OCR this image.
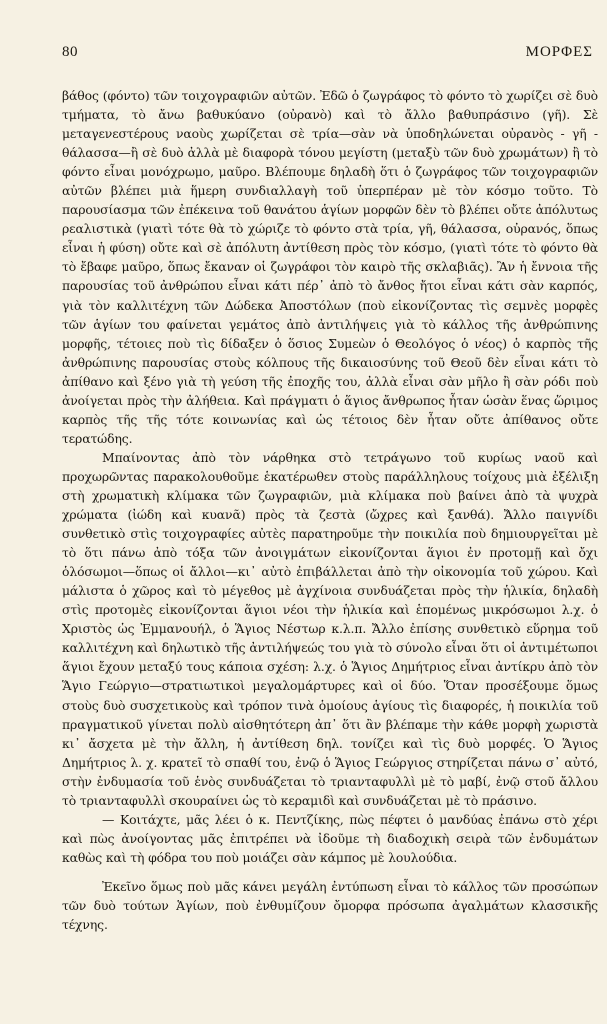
80	ΜΟΡΦΕΣ

βάθος (φόντο) τῶν τοιχογραφιῶν αὐτῶν. Ἐδῶ ὁ ζωγράφος τὸ φόντο τὸ χωρίζει σὲ δυὸ τμήματα, τὸ ἄνω βαθυκύανο (οὐρανὸ) καὶ τὸ ἄλλο βαθυπράσινο (γῆ). Σὲ μεταγενεστέρους ναοὺς χωρίζεται σὲ τρία—σὰν νὰ ὑποδηλώνεται οὐρανὸς - γῆ - θάλασσα—ἢ σὲ δυὸ ἀλλὰ μὲ διαφορὰ τόνου μεγίστη (μεταξὺ τῶν δυὸ χρωμάτων) ἢ τὸ φόντο εἶναι μονόχρωμο, μαῦρο. Βλέπουμε δηλαδὴ ὅτι ὁ ζωγράφος τῶν τοιχογραφιῶν αὐτῶν βλέπει μιὰ ἥμερη συνδιαλλαγὴ τοῦ ὑπερπέραν μὲ τὸν κόσμο τοῦτο. Τὸ παρουσίασμα τῶν ἐπέκεινα τοῦ θανάτου ἁγίων μορφῶν δὲν τὸ βλέπει οὔτε ἀπόλυτως ρεαλιστικὰ (γιατὶ τότε θὰ τὸ χώριζε τὸ φόντο στὰ τρία, γῆ, θάλασσα, οὐρανός, ὅπως εἶναι ἡ φύση) οὔτε καὶ σὲ ἀπόλυτη ἀντίθεση πρὸς τὸν κόσμο, (γιατὶ τότε τὸ φόντο θὰ τὸ ἔβαφε μαῦρο, ὅπως ἔκαναν οἱ ζωγράφοι τὸν καιρὸ τῆς σκλαβιᾶς). Ἂν ἡ ἔννοια τῆς παρουσίας τοῦ ἀνθρώπου εἶναι κάτι πέρ᾿ ἀπὸ τὸ ἄνθος ἤτοι εἶναι κάτι σὰν καρπός, γιὰ τὸν καλλιτέχνη τῶν Δώδεκα Ἀποστόλων (ποὺ εἰκονίζοντας τὶς σεμνὲς μορφὲς τῶν ἁγίων του φαίνεται γεμάτος ἀπὸ ἀντιλήψεις γιὰ τὸ κάλλος τῆς ἀνθρώπινης μορφῆς, τέτοιες ποὺ τὶς δίδαξεν ὁ ὅσιος Συμεὼν ὁ Θεολόγος ὁ νέος) ὁ καρπὸς τῆς ἀνθρώπινης παρουσίας στοὺς κόλπους τῆς δικαιοσύνης τοῦ Θεοῦ δὲν εἶναι κάτι τὸ ἀπίθανο καὶ ξένο γιὰ τὴ γεύση τῆς ἐποχῆς του, ἀλλὰ εἶναι σὰν μῆλο ἢ σὰν ρόδι ποὺ ἀνοίγεται πρὸς τὴν ἀλήθεια. Καὶ πράγματι ὁ ἅγιος ἄνθρωπος ἦταν ὡσὰν ἕνας ὥριμος καρπὸς τῆς τῆς τότε κοινωνίας καὶ ὡς τέτοιος δὲν ἦταν οὔτε ἀπίθανος οὔτε τερατώδης.

Μπαίνοντας ἀπὸ τὸν νάρθηκα στὸ τετράγωνο τοῦ κυρίως ναοῦ καὶ προχωρῶντας παρακολουθοῦμε ἑκατέρωθεν στοὺς παράλληλους τοίχους μιὰ ἐξέλιξη στὴ χρωματικὴ κλίμακα τῶν ζωγραφιῶν, μιὰ κλίμακα ποὺ βαίνει ἀπὸ τὰ ψυχρὰ χρώματα (ἰώδη καὶ κυανᾶ) πρὸς τὰ ζεστὰ (ὤχρες καὶ ξανθά). Ἄλλο παιγνίδι συνθετικὸ στὶς τοιχογραφίες αὐτὲς παρατηροῦμε τὴν ποικιλία ποὺ δημιουργεῖται μὲ τὸ ὅτι πάνω ἀπὸ τόξα τῶν ἀνοιγμάτων εἰκονίζονται ἅγιοι ἐν προτομῇ καὶ ὄχι ὁλόσωμοι—ὅπως οἱ ἄλλοι—κι᾿ αὐτὸ ἐπιβάλλεται ἀπὸ τὴν οἰκονομία τοῦ χώρου. Καὶ μάλιστα ὁ χῶρος καὶ τὸ μέγεθος μὲ ἀγχίνοια συνδυάζεται πρὸς τὴν ἡλικία, δηλαδὴ στὶς προτομὲς εἰκονίζονται ἅγιοι νέοι τὴν ἡλικία καὶ ἑπομένως μικρόσωμοι λ.χ. ὁ Χριστὸς ὡς Ἐμμανουήλ, ὁ Ἅγιος Νέστωρ κ.λ.π. Ἄλλο ἐπίσης συνθετικὸ εὕρημα τοῦ καλλιτέχνη καὶ δηλωτικὸ τῆς ἀντιλήψεώς του γιὰ τὸ σύνολο εἶναι ὅτι οἱ ἀντιμέτωποι ἅγιοι ἔχουν μεταξύ τους κάποια σχέση: λ.χ. ὁ Ἅγιος Δημήτριος εἶναι ἀντίκρυ ἀπὸ τὸν Ἅγιο Γεώργιο—στρατιωτικοὶ μεγαλομάρτυρες καὶ οἱ δύο. Ὅταν προσέξουμε ὅμως στοὺς δυὸ συσχετικοὺς καὶ τρόπον τινὰ ὁμοίους ἁγίους τὶς διαφορές, ἡ ποικιλία τοῦ πραγματικοῦ γίνεται πολὺ αἰσθητότερη ἀπ᾿ ὅτι ἂν βλέπαμε τὴν κάθε μορφὴ χωριστὰ κι᾿ ἄσχετα μὲ τὴν ἄλλη, ἡ ἀντίθεση δηλ. τονίζει καὶ τὶς δυὸ μορφές. Ὁ Ἅγιος Δημήτριος λ. χ. κρατεῖ τὸ σπαθί του, ἐνῷ ὁ Ἅγιος Γεώργιος στηρίζεται πάνω σ᾿ αὐτό, στὴν ἐνδυμασία τοῦ ἑνὸς συνδυάζεται τὸ τριανταφυλλὶ μὲ τὸ μαβί, ἐνῷ στοῦ ἄλλου τὸ τριανταφυλλὶ σκουραίνει ὡς τὸ κεραμιδὶ καὶ συνδυάζεται μὲ τὸ πράσινο.

— Κοιτάχτε, μᾶς λέει ὁ κ. Πεντζίκης, πὼς πέφτει ὁ μανδύας ἐπάνω στὸ χέρι καὶ πὼς ἀνοίγοντας μᾶς ἐπιτρέπει νὰ ἰδοῦμε τὴ διαδοχικὴ σειρὰ τῶν ἐνδυμάτων καθὼς καὶ τὴ φόδρα του ποὺ μοιάζει σὰν κάμπος μὲ λουλούδια.

Ἐκεῖνο ὅμως ποὺ μᾶς κάνει μεγάλη ἐντύπωση εἶναι τὸ κάλλος τῶν προσώπων τῶν δυὸ τούτων Ἁγίων, ποὺ ἐνθυμίζουν ὄμορφα πρόσωπα ἀγαλμάτων κλασσικῆς τέχνης.
